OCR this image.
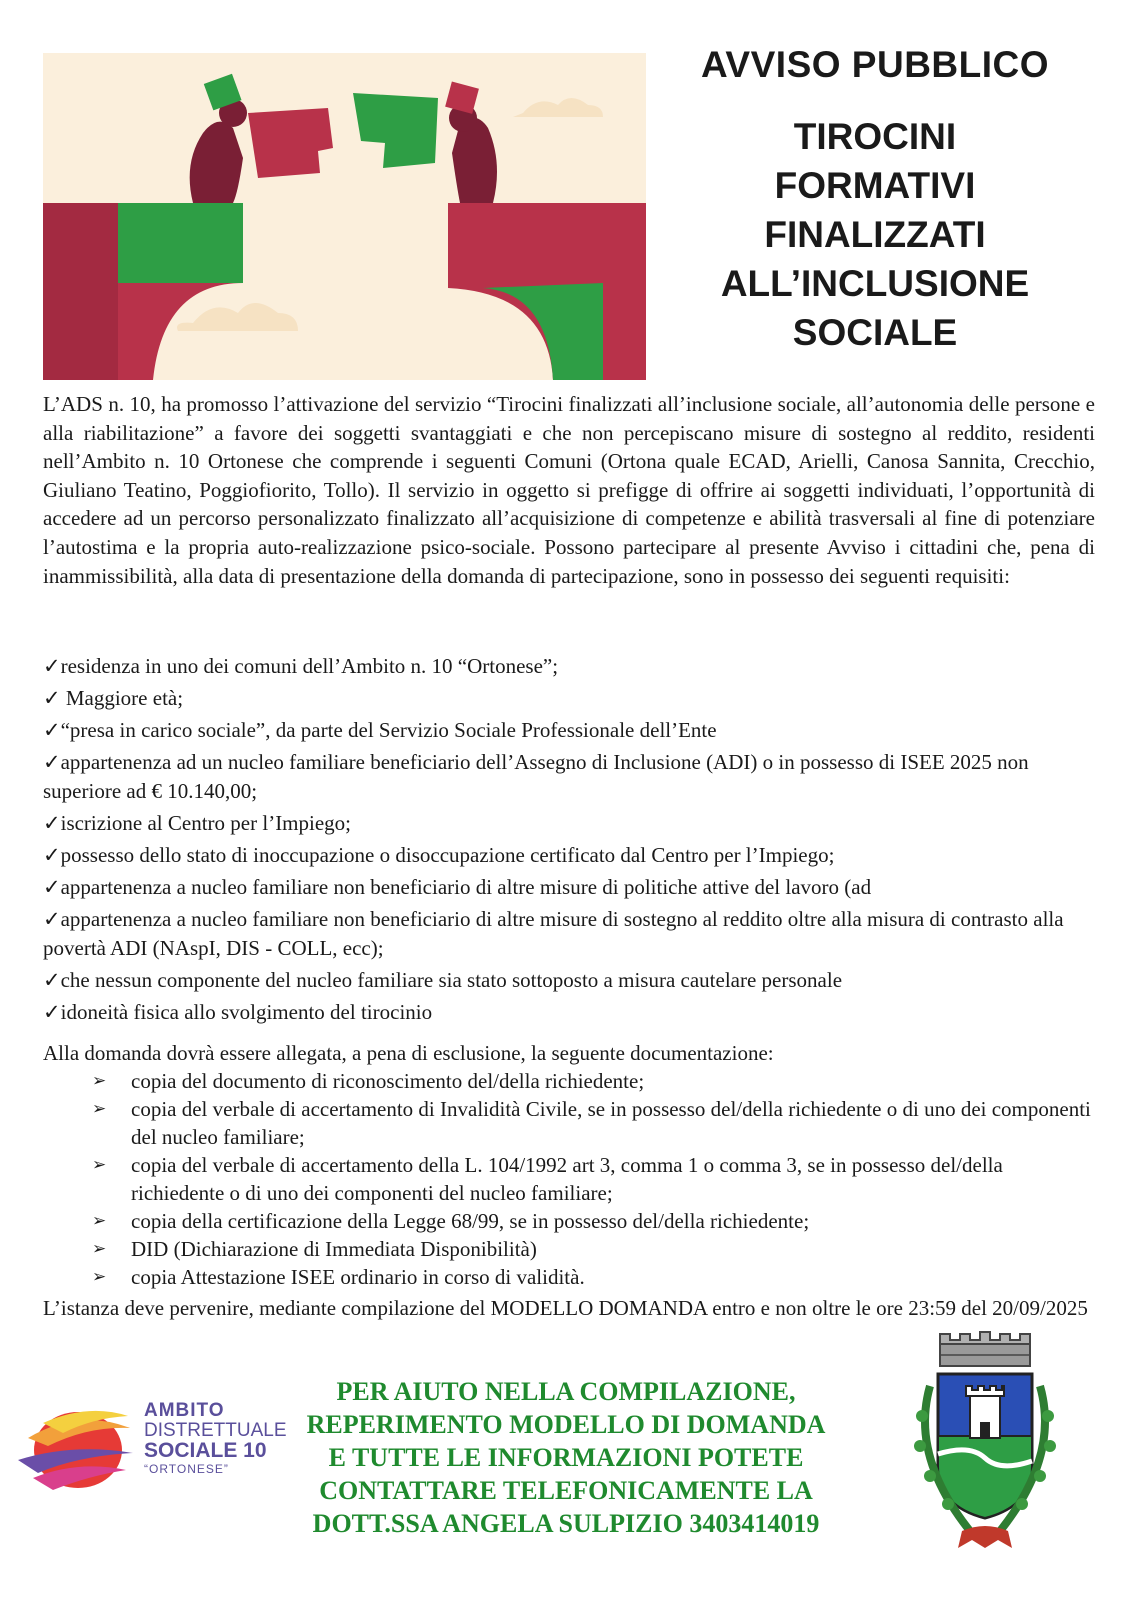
AVVISO PUBBLICO
TIROCINI
FORMATIVI
FINALIZZATI
ALL’INCLUSIONE
SOCIALE

L’ADS n. 10, ha promosso l’attivazione del servizio “Tirocini finalizzati all’inclusione sociale, all’autonomia delle persone e alla riabilitazione” a favore dei soggetti svantaggiati e che non percepiscano misure di sostegno al reddito, residenti nell’Ambito n. 10 Ortonese che comprende i seguenti Comuni (Ortona quale ECAD, Arielli, Canosa Sannita, Crecchio, Giuliano Teatino, Poggiofiorito, Tollo). Il servizio in oggetto si prefigge di offrire ai soggetti individuati, l’opportunità di accedere ad un percorso personalizzato finalizzato all’acquisizione di competenze e abilità trasversali al fine di potenziare l’autostima e la propria auto-realizzazione psico-sociale. Possono partecipare al presente Avviso i cittadini che, pena di inammissibilità, alla data di presentazione della domanda di partecipazione, sono in possesso dei seguenti requisiti:

✓residenza in uno dei comuni dell’Ambito n. 10 “Ortonese”;
✓ Maggiore età;
✓“presa in carico sociale”, da parte del Servizio Sociale Professionale dell’Ente
✓appartenenza ad un nucleo familiare beneficiario dell’Assegno di Inclusione (ADI) o in possesso di ISEE 2025 non superiore ad € 10.140,00;
✓iscrizione al Centro per l’Impiego;
✓possesso dello stato di inoccupazione o disoccupazione certificato dal Centro per l’Impiego;
✓appartenenza a nucleo familiare non beneficiario di altre misure di politiche attive del lavoro (ad
✓appartenenza a nucleo familiare non beneficiario di altre misure di sostegno al reddito oltre alla misura di contrasto alla povertà ADI (NAspI, DIS - COLL, ecc);
✓che nessun componente del nucleo familiare sia stato sottoposto a misura cautelare personale
✓idoneità fisica allo svolgimento del tirocinio

Alla domanda dovrà essere allegata, a pena di esclusione, la seguente documentazione:

➢ copia del documento di riconoscimento del/della richiedente;
➢ copia del verbale di accertamento di Invalidità Civile, se in possesso del/della richiedente o di uno dei componenti del nucleo familiare;
➢ copia del verbale di accertamento della L. 104/1992 art 3, comma 1 o comma 3, se in possesso del/della richiedente o di uno dei componenti del nucleo familiare;
➢ copia della certificazione della Legge 68/99, se in possesso del/della richiedente;
➢ DID (Dichiarazione di Immediata Disponibilità)
➢ copia Attestazione ISEE ordinario in corso di validità.

L’istanza deve pervenire, mediante compilazione del MODELLO DOMANDA entro e non oltre le ore 23:59 del 20/09/2025

AMBITO
DISTRETTUALE
SOCIALE 10
“ORTONESE”
PER AIUTO NELLA COMPILAZIONE,
REPERIMENTO MODELLO DI DOMANDA
E TUTTE LE INFORMAZIONI POTETE
CONTATTARE TELEFONICAMENTE LA
DOTT.SSA ANGELA SULPIZIO 3403414019
